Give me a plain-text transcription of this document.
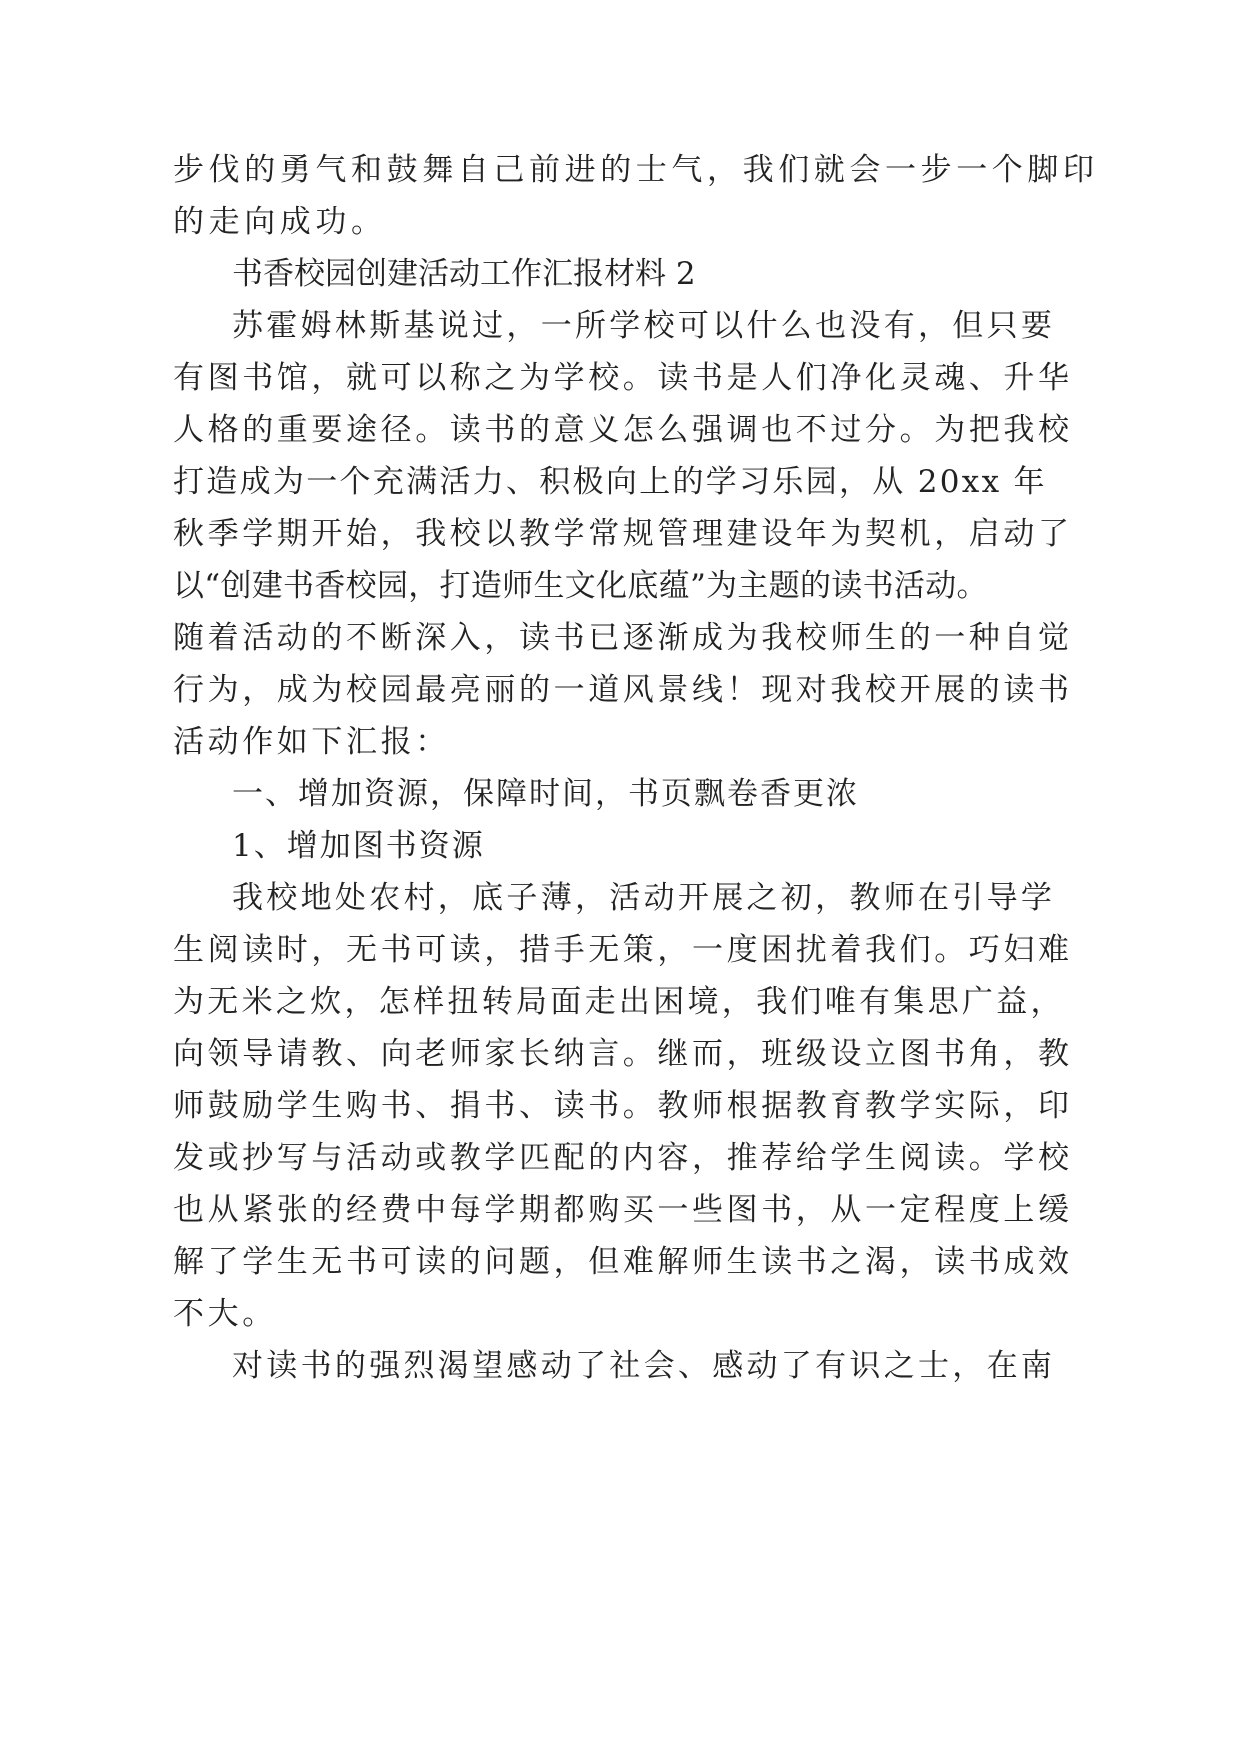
步伐的勇气和鼓舞自己前进的士气，我们就会一步一个脚印

的走向成功。

书香校园创建活动工作汇报材料 2

苏霍姆林斯基说过，一所学校可以什么也没有，但只要

有图书馆，就可以称之为学校。读书是人们净化灵魂、升华

人格的重要途径。读书的意义怎么强调也不过分。为把我校

打造成为一个充满活力、积极向上的学习乐园，从 20xx 年

秋季学期开始，我校以教学常规管理建设年为契机，启动了

以“创建书香校园，打造师生文化底蕴”为主题的读书活动。

随着活动的不断深入，读书已逐渐成为我校师生的一种自觉

行为，成为校园最亮丽的一道风景线！现对我校开展的读书

活动作如下汇报：

一、增加资源，保障时间，书页飘卷香更浓

1、增加图书资源

我校地处农村，底子薄，活动开展之初，教师在引导学

生阅读时，无书可读，措手无策，一度困扰着我们。巧妇难

为无米之炊，怎样扭转局面走出困境，我们唯有集思广益，

向领导请教、向老师家长纳言。继而，班级设立图书角，教

师鼓励学生购书、捐书、读书。教师根据教育教学实际，印

发或抄写与活动或教学匹配的内容，推荐给学生阅读。学校

也从紧张的经费中每学期都购买一些图书，从一定程度上缓

解了学生无书可读的问题，但难解师生读书之渴，读书成效

不大。

对读书的强烈渴望感动了社会、感动了有识之士，在南
